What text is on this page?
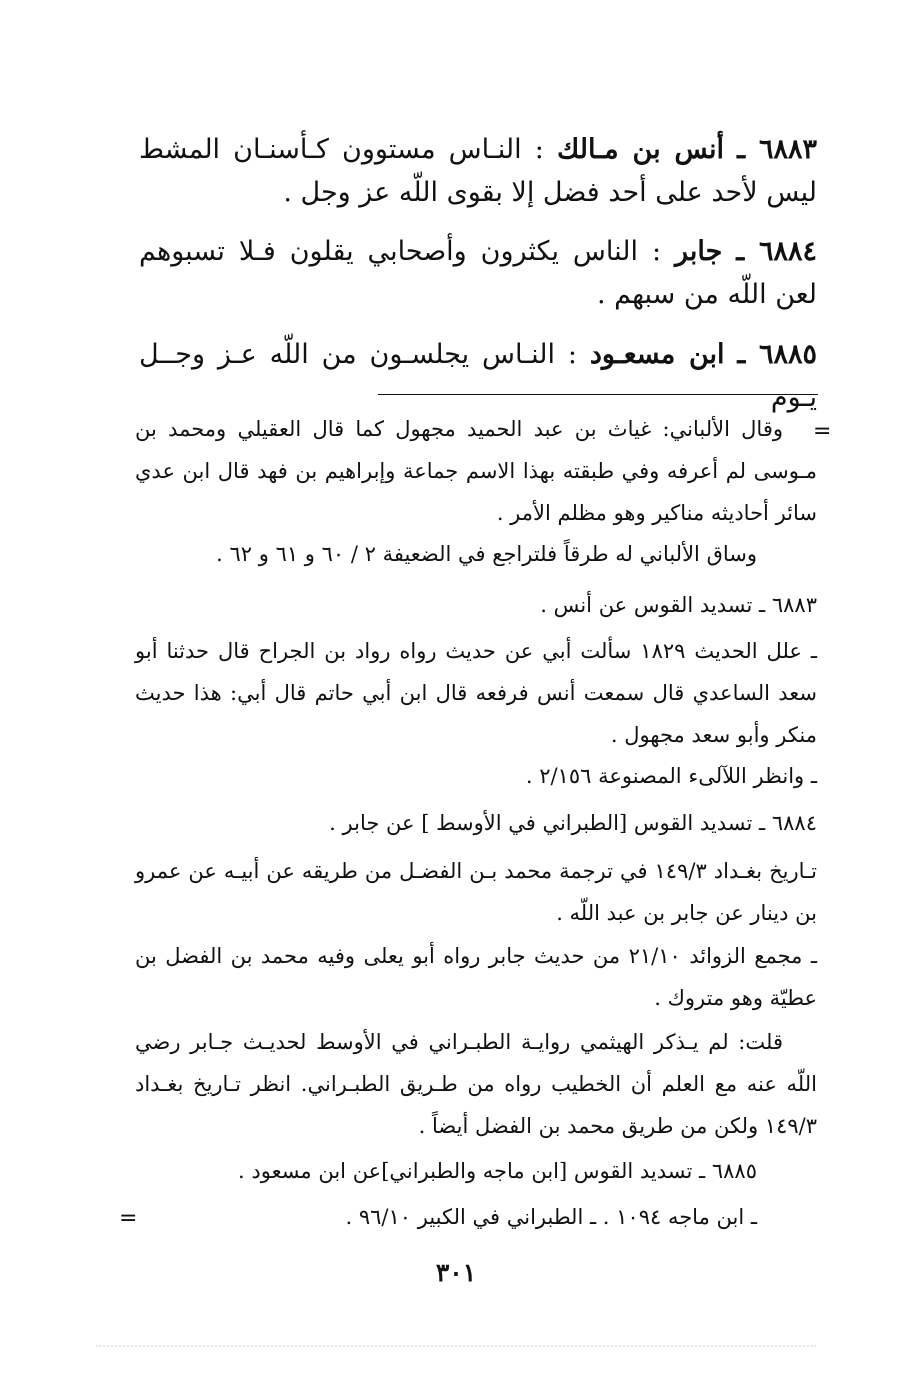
٦٨٨٣ ـ أنس بن مـالك : النـاس مستوون كـأسنـان المشط ليس لأحد على أحد فضل إلا بقوى اللّه عز وجل .
٦٨٨٤ ـ جابر : الناس يكثرون وأصحابي يقلون فـلا تسبوهم لعن اللّه من سبهم .
٦٨٨٥ ـ ابن مسعـود : النـاس يجلسـون من اللّه عـز وجــل يـوم
=
وقال الألباني: غياث بن عبد الحميد مجهول كما قال العقيلي ومحمد بن مـوسى لم أعرفه وفي طبقته بهذا الاسم جماعة وإبراهيم بن فهد قال ابن عدي سائر أحاديثه مناكير وهو مظلم الأمر .
وساق الألباني له طرقاً فلتراجع في الضعيفة ٢ / ٦٠ و ٦١ و ٦٢ .
٦٨٨٣ ـ تسديد القوس عن أنس .
ـ علل الحديث ١٨٢٩ سألت أبي عن حديث رواه رواد بن الجراح قال حدثنا أبو سعد الساعدي قال سمعت أنس فرفعه قال ابن أبي حاتم قال أبي: هذا حديث منكر وأبو سعد مجهول .
ـ وانظر اللآلىء المصنوعة ٢/١٥٦ .
٦٨٨٤ ـ تسديد القوس [الطبراني في الأوسط ] عن جابر .
تـاريخ بغـداد ١٤٩/٣ في ترجمة محمد بـن الفضـل من طريقه عن أبيـه عن عمرو بن دينار عن جابر بن عبد اللّه .
ـ مجمع الزوائد ٢١/١٠ من حديث جابر رواه أبو يعلى وفيه محمد بن الفضل بن عطيّة وهو متروك .
قلت: لم يـذكر الهيثمي روايـة الطبـراني في الأوسط لحديـث جـابر رضي اللّه عنه مع العلم أن الخطيب رواه من طـريق الطبـراني. انظر تـاريخ بغـداد ١٤٩/٣ ولكن من طريق محمد بن الفضل أيضاً .
٦٨٨٥ ـ تسديد القوس [ابن ماجه والطبراني]عن ابن مسعود .
ـ ابن ماجه ١٠٩٤ . ـ الطبراني في الكبير ٩٦/١٠ .
=
٣٠١
